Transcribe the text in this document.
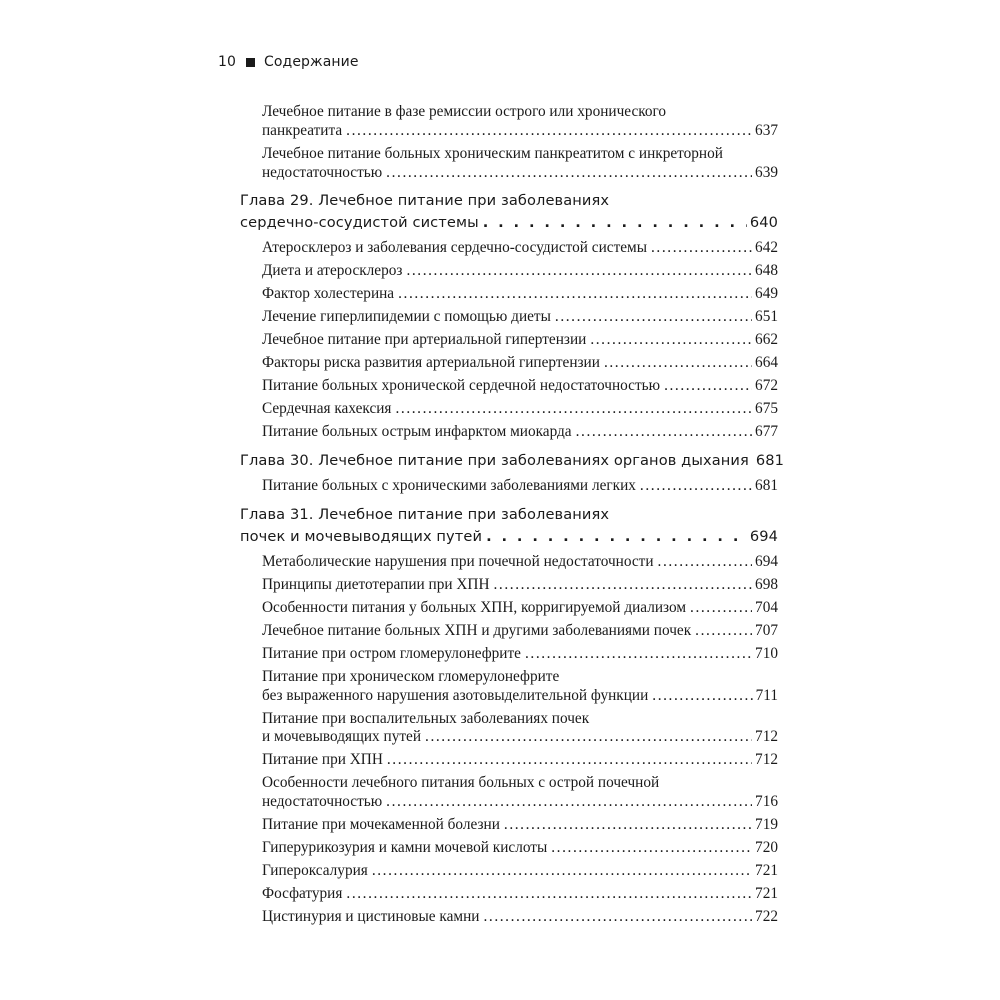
10 Содержание
Лечебное питание в фазе ремиссии острого или хронического
панкреатита .....	637
Лечебное питание больных хроническим панкреатитом с инкреторной
недостаточностью .....	639
Глава 29. Лечебное питание при заболеваниях
сердечно-сосудистой системы . . .	640
Атеросклероз и заболевания сердечно-сосудистой системы .....	642
Диета и атеросклероз .....	648
Фактор холестерина .....	649
Лечение гиперлипидемии с помощью диеты .....	651
Лечебное питание при артериальной гипертензии .....	662
Факторы риска развития артериальной гипертензии .....	664
Питание больных хронической сердечной недостаточностью .....	672
Сердечная кахексия .....	675
Питание больных острым инфарктом миокарда .....	677
Глава 30. Лечебное питание при заболеваниях органов дыхания 681
Питание больных с хроническими заболеваниями легких .....	681
Глава 31. Лечебное питание при заболеваниях
почек и мочевыводящих путей . . .	694
Метаболические нарушения при почечной недостаточности .....	694
Принципы диетотерапии при ХПН .....	698
Особенности питания у больных ХПН, корригируемой диализом .....	704
Лечебное питание больных ХПН и другими заболеваниями почек .....	707
Питание при остром гломерулонефрите .....	710
Питание при хроническом гломерулонефрите
без выраженного нарушения азотовыделительной функции .....	711
Питание при воспалительных заболеваниях почек
и мочевыводящих путей .....	712
Питание при ХПН .....	712
Особенности лечебного питания больных с острой почечной
недостаточностью .....	716
Питание при мочекаменной болезни .....	719
Гиперурикозурия и камни мочевой кислоты .....	720
Гипероксалурия .....	721
Фосфатурия .....	721
Цистинурия и цистиновые камни .....	722
